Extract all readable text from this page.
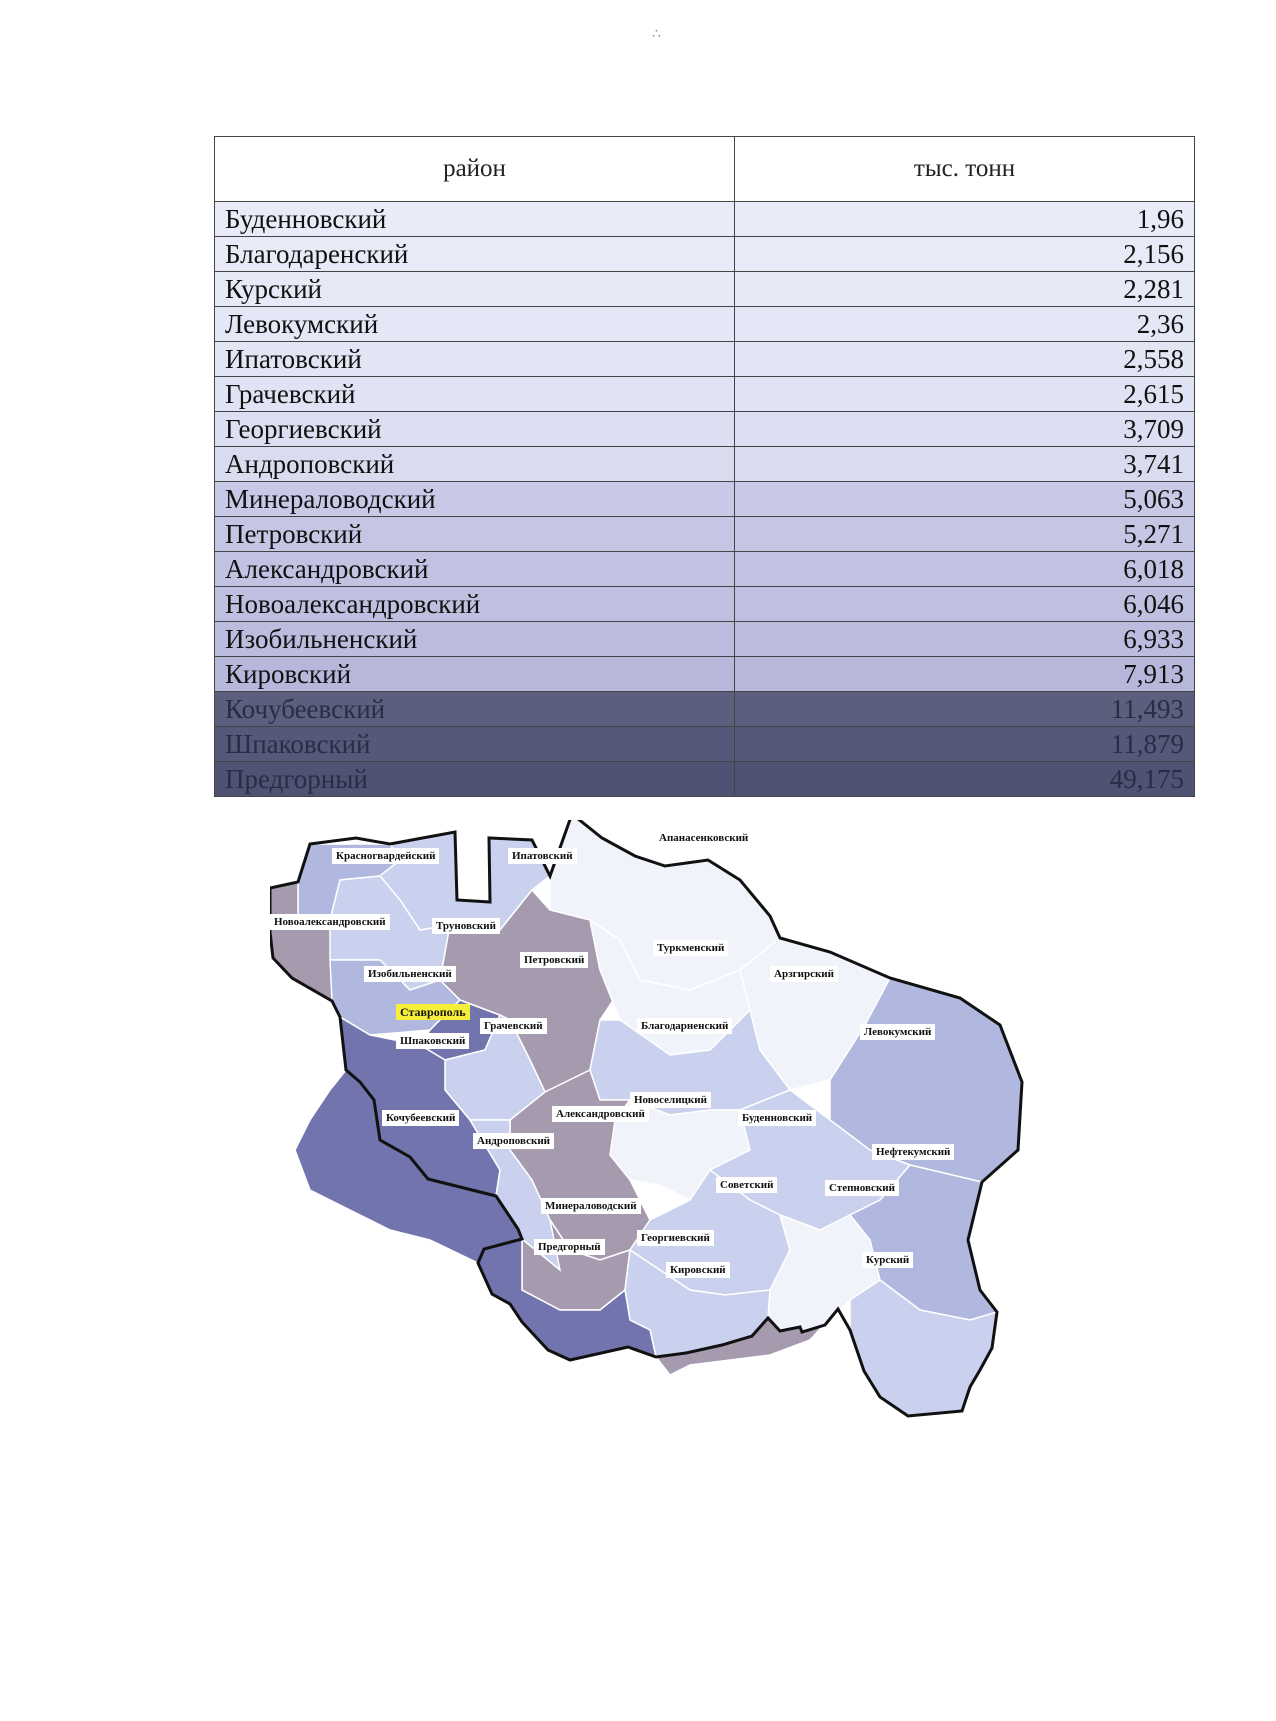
∴
район	тыс. тонн
Буденновский	1,96
Благодаренский	2,156
Курский	2,281
Левокумский	2,36
Ипатовский	2,558
Грачевский	2,615
Георгиевский	3,709
Андроповский	3,741
Минераловодский	5,063
Петровский	5,271
Александровский	6,018
Новоалександровский	6,046
Изобильненский	6,933
Кировский	7,913
Кочубеевский	11,493
Шпаковский	11,879
Предгорный	49,175
Красногвардейский	Ипатовский
Апанасенковский
Новоалександровский	Труновский
Петровский
Туркменский
Изобильненский	Арзгирский
Ставрополь
Грачевский	Благодарненский
Шпаковский
Левокумский
Новоселицкий
Буденновский
Кочубеевский	Александровский
Андроповский
Нефтекумский
Советский	Степновский
Минераловодский
Георгиевский
Курский
Предгорный
Кировский
